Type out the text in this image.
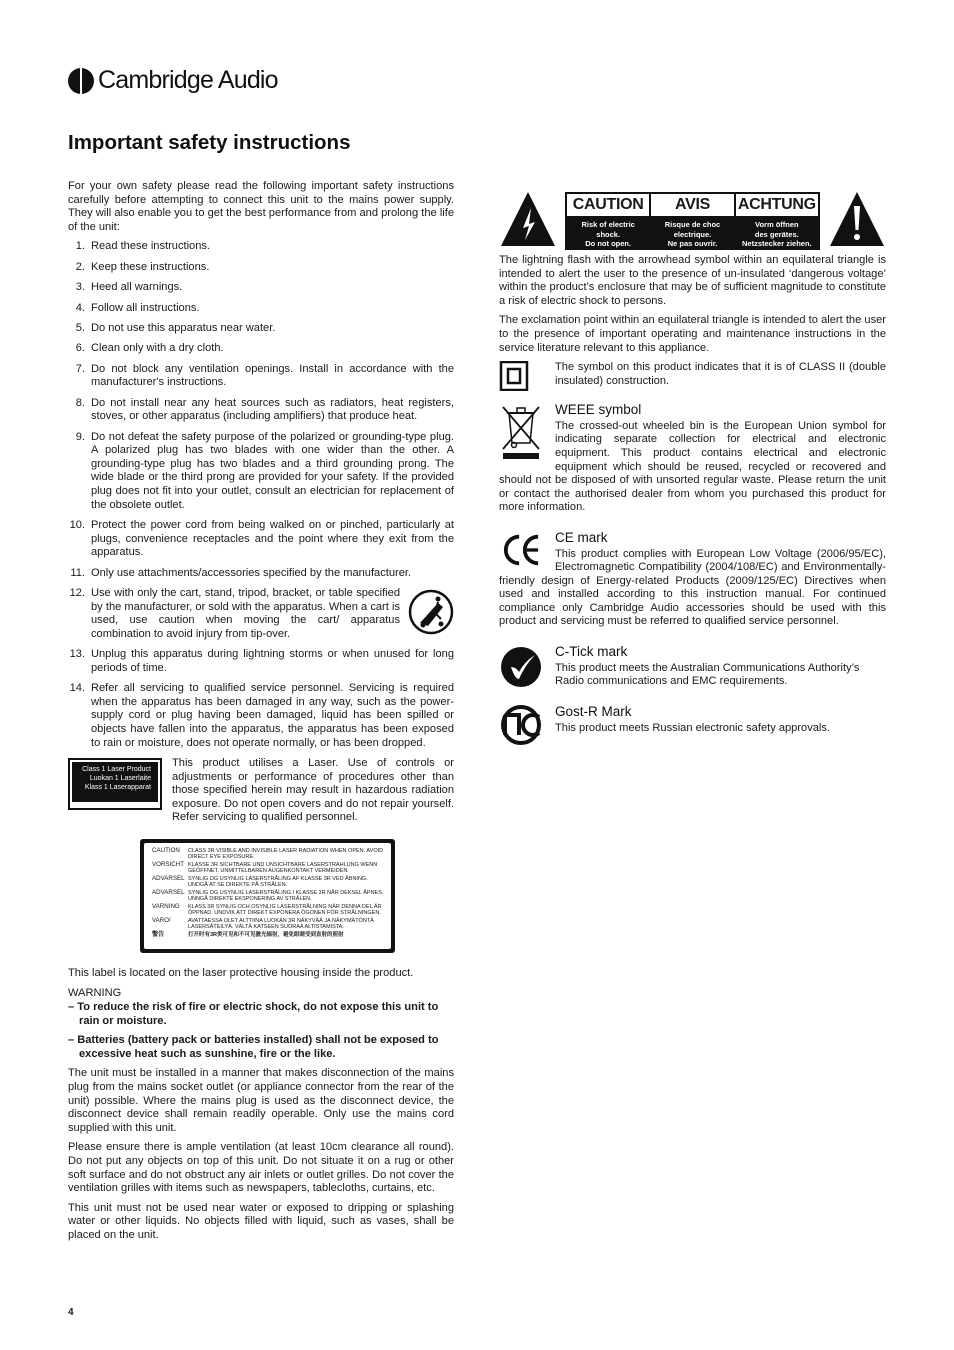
Cambridge Audio
Important safety instructions

For your own safety please read the following important safety instructions carefully before attempting to connect this unit to the mains power supply. They will also enable you to get the best performance from and prolong the life of the unit:

1. Read these instructions.
2. Keep these instructions.
3. Heed all warnings.
4. Follow all instructions.
5. Do not use this apparatus near water.
6. Clean only with a dry cloth.
7. Do not block any ventilation openings. Install in accordance with the manufacturer's instructions.
8. Do not install near any heat sources such as radiators, heat registers, stoves, or other apparatus (including amplifiers) that produce heat.
9. Do not defeat the safety purpose of the polarized or grounding-type plug. A polarized plug has two blades with one wider than the other. A grounding-type plug has two blades and a third grounding prong. The wide blade or the third prong are provided for your safety. If the provided plug does not fit into your outlet, consult an electrician for replacement of the obsolete outlet.
10. Protect the power cord from being walked on or pinched, particularly at plugs, convenience receptacles and the point where they exit from the apparatus.
11. Only use attachments/accessories specified by the manufacturer.
12. Use with only the cart, stand, tripod, bracket, or table specified by the manufacturer, or sold with the apparatus. When a cart is used, use caution when moving the cart/ apparatus combination to avoid injury from tip-over.
13. Unplug this apparatus during lightning storms or when unused for long periods of time.
14. Refer all servicing to qualified service personnel. Servicing is required when the apparatus has been damaged in any way, such as the power-supply cord or plug having been damaged, liquid has been spilled or objects have fallen into the apparatus, the apparatus has been exposed to rain or moisture, does not operate normally, or has been dropped.
Class 1 Laser Product
Luokan 1 Laserlaite
Klass 1 Laserapparat
This product utilises a Laser. Use of controls or adjustments or performance of procedures other than those specified herein may result in hazardous radiation exposure. Do not open covers and do not repair yourself. Refer servicing to qualified personnel.
CAUTION	CLASS 3R VISIBLE AND INVISIBLE LASER RADIATION WHEN OPEN. AVOID DIRECT EYE EXPOSURE.
VORSICHT KLASSE 3R SICHTBARE UND UNSICHTBARE LASERSTRAHLUNG WENN GEÖFFNET. UNMITTELBAREN AUGENKONTAKT VERMEIDEN.
ADVARSEL SYNLIG OG USYNLIG LASERSTRÅLING AF KLASSE 3R VED ÅBNING. UNDGÅ AT SE DIREKTE PÅ STRÅLEN.
ADVARSEL SYNLIG OG USYNLIG LASERSTRÅLING I KLASSE 3R NÅR DEKSEL ÅPNES. UNNGÅ DIREKTE EKSPONERING AV STRÅLEN.
VARNING	KLASS 3R SYNLIG OCH OSYNLIG LASERSTRÅLNING NÄR DENNA DEL ÄR ÖPPNAD. UNDVIK ATT DIREKT EXPONERA ÖGONEN FÖR STRÅLNINGEN.
VARO!	AVATTAESSA OLET ALTTIINA LUOKAN 3R NÄKYVÄÄ JA NÄKYMÄTÖNTÄ LASERSÄTEILYÄ. VÄLTÄ KATSEEN SUORAA ALTISTAMISTA.
警告	打开时有3R类可见和不可见激光辐射，避免眼睛受到直射的照射

This label is located on the laser protective housing inside the product.

WARNING
– To reduce the risk of fire or electric shock, do not expose this unit to rain or moisture.
– Batteries (battery pack or batteries installed) shall not be exposed to excessive heat such as sunshine, fire or the like.

The unit must be installed in a manner that makes disconnection of the mains plug from the mains socket outlet (or appliance connector from the rear of the unit) possible. Where the mains plug is used as the disconnect device, the disconnect device shall remain readily operable. Only use the mains cord supplied with this unit.

Please ensure there is ample ventilation (at least 10cm clearance all round). Do not put any objects on top of this unit. Do not situate it on a rug or other soft surface and do not obstruct any air inlets or outlet grilles. Do not cover the ventilation grilles with items such as newspapers, tablecloths, curtains, etc.

This unit must not be used near water or exposed to dripping or splashing water or other liquids. No objects filled with liquid, such as vases, shall be placed on the unit.

CAUTION
Risk of electric
shock.
Do not open.
AVIS
Risque de choc
electrique.
Ne pas ouvrir.
ACHTUNG
Vorm öffnen
des gerätes.
Netzstecker ziehen.

The lightning flash with the arrowhead symbol within an equilateral triangle is intended to alert the user to the presence of un-insulated ‘dangerous voltage’ within the product’s enclosure that may be of sufficient magnitude to constitute a risk of electric shock to persons.

The exclamation point within an equilateral triangle is intended to alert the user to the presence of important operating and maintenance instructions in the service literature relevant to this appliance.

The symbol on this product indicates that it is of CLASS II (double insulated) construction.
WEEE symbol
The crossed-out wheeled bin is the European Union symbol for indicating separate collection for electrical and electronic equipment. This product contains electrical and electronic equipment which should be reused, recycled or recovered and should not be disposed of with unsorted regular waste. Please return the unit or contact the authorised dealer from whom you purchased this product for more information.
CE mark
This product complies with European Low Voltage (2006/95/EC), Electromagnetic Compatibility (2004/108/EC) and Environmentally-friendly design of Energy-related Products (2009/125/EC) Directives when used and installed according to this instruction manual. For continued compliance only Cambridge Audio accessories should be used with this product and servicing must be referred to qualified service personnel.
C-Tick mark
This product meets the Australian Communications Authority’s Radio communications and EMC requirements.
Gost-R Mark
This product meets Russian electronic safety approvals.
4
